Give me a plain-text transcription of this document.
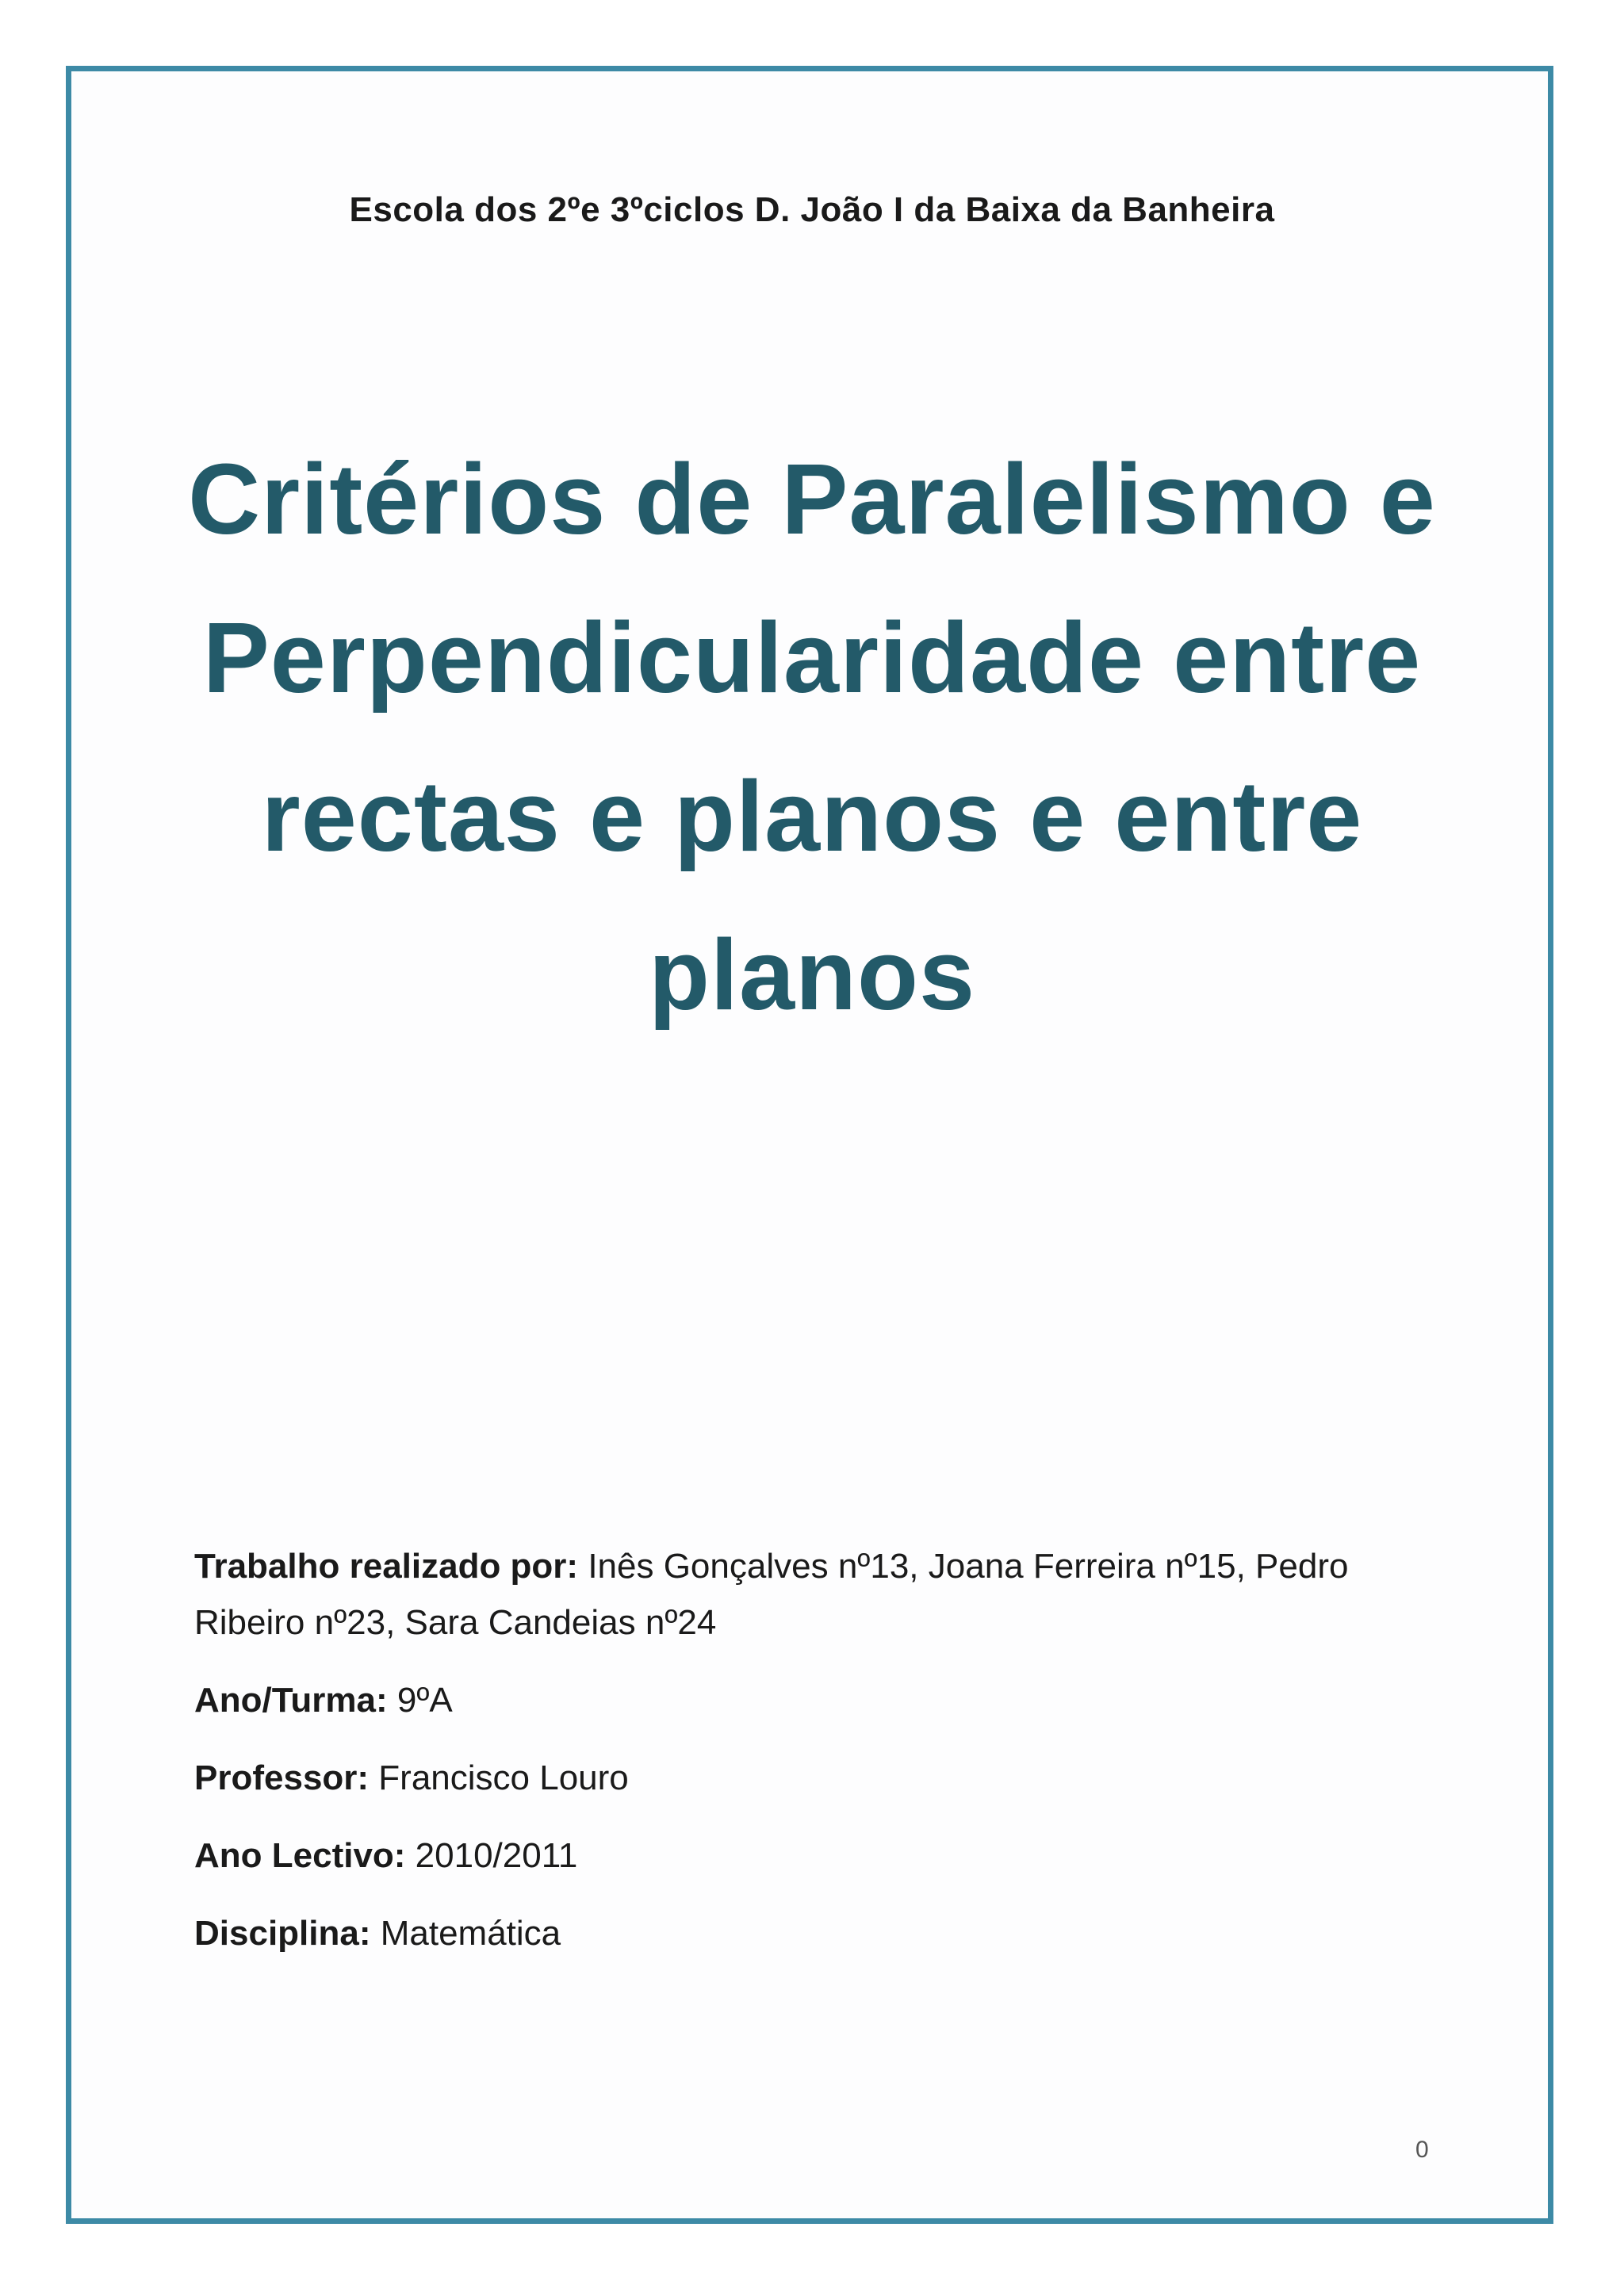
Escola dos 2ºe 3ºciclos D. João I da Baixa da Banheira
Critérios de Paralelismo e
Perpendicularidade entre
rectas e planos e entre
planos

Trabalho realizado por: Inês Gonçalves nº13, Joana Ferreira nº15, Pedro Ribeiro nº23, Sara Candeias nº24

Ano/Turma: 9ºA

Professor: Francisco Louro

Ano Lectivo: 2010/2011

Disciplina: Matemática

0
